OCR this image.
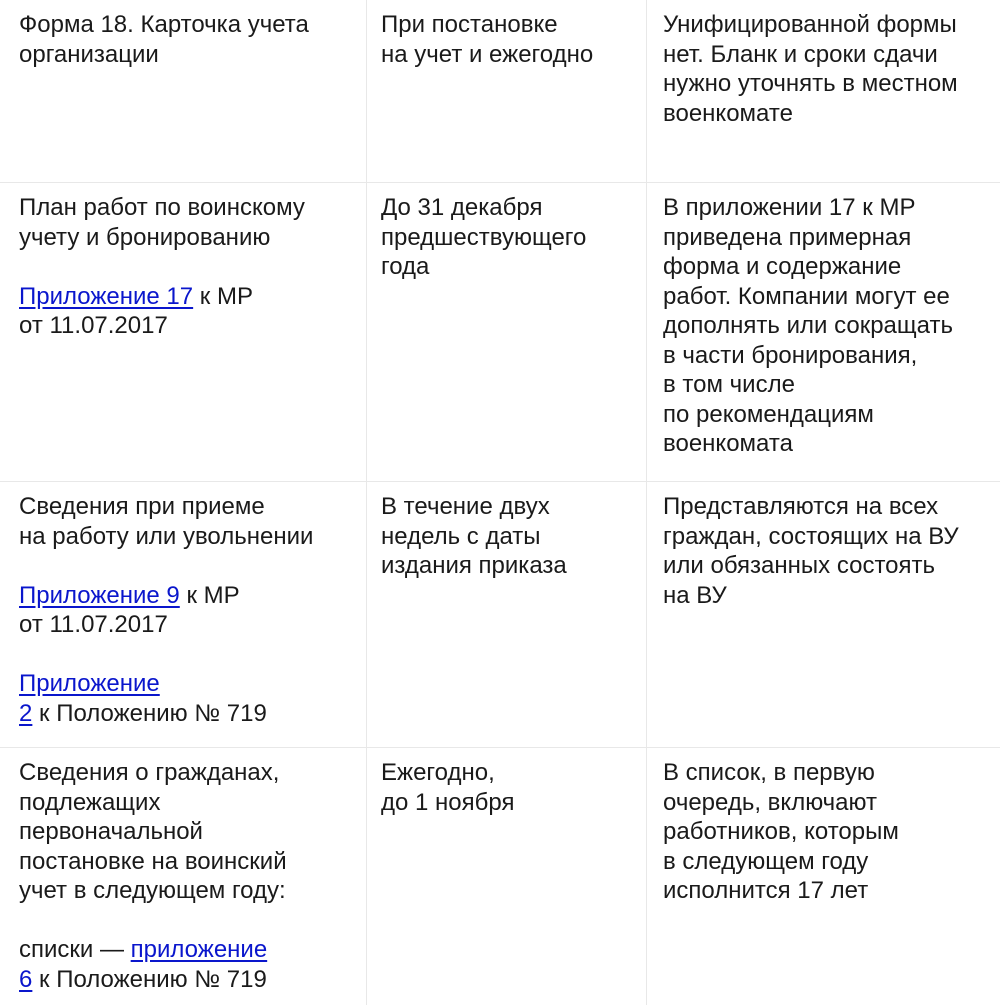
Форма 18. Карточка учета
организации
При постановке
на учет и ежегодно
Унифицированной формы
нет. Бланк и сроки сдачи
нужно уточнять в местном
военкомате
План работ по воинскому
учету и бронированию
Приложение 17 к МР
от 11.07.2017
До 31 декабря
предшествующего
года
В приложении 17 к МР
приведена примерная
форма и содержание
работ. Компании могут ее
дополнять или сокращать
в части бронирования,
в том числе
по рекомендациям
военкомата
Сведения при приеме
на работу или увольнении
Приложение 9 к МР
от 11.07.2017
Приложение
2 к Положению № 719
В течение двух
недель с даты
издания приказа
Представляются на всех
граждан, состоящих на ВУ
или обязанных состоять
на ВУ
Сведения о гражданах,
подлежащих
первоначальной
постановке на воинский
учет в следующем году:
списки — приложение
6 к Положению № 719
Ежегодно,
до 1 ноября
В список, в первую
очередь, включают
работников, которым
в следующем году
исполнится 17 лет
